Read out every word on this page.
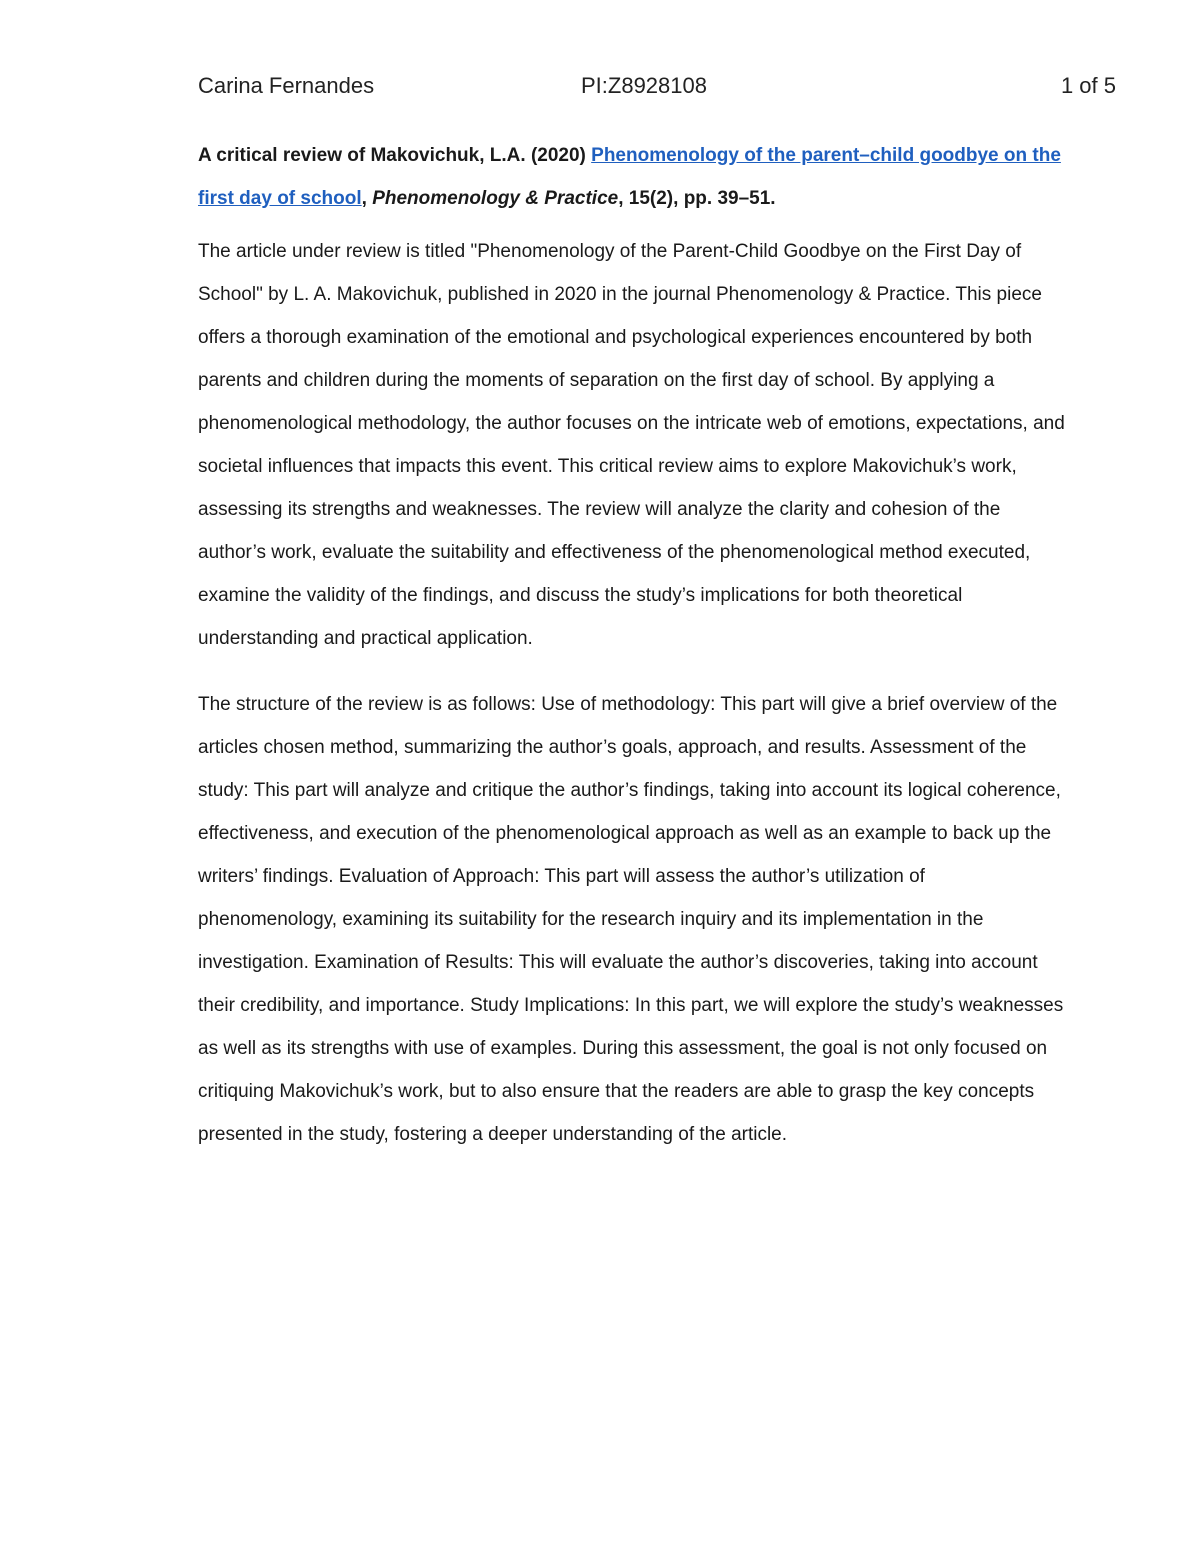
Carina Fernandes	PI:Z8928108	1 of 5

A critical review of Makovichuk, L.A. (2020) Phenomenology of the parent–child goodbye on the first day of school, Phenomenology & Practice, 15(2), pp. 39–51.

The article under review is titled "Phenomenology of the Parent-Child Goodbye on the First Day of School" by L. A. Makovichuk, published in 2020 in the journal Phenomenology & Practice. This piece offers a thorough examination of the emotional and psychological experiences encountered by both parents and children during the moments of separation on the first day of school. By applying a phenomenological methodology, the author focuses on the intricate web of emotions, expectations, and societal influences that impacts this event. This critical review aims to explore Makovichuk’s work, assessing its strengths and weaknesses. The review will analyze the clarity and cohesion of the author’s work, evaluate the suitability and effectiveness of the phenomenological method executed, examine the validity of the findings, and discuss the study’s implications for both theoretical understanding and practical application.

The structure of the review is as follows: Use of methodology: This part will give a brief overview of the articles chosen method, summarizing the author’s goals, approach, and results. Assessment of the study: This part will analyze and critique the author’s findings, taking into account its logical coherence, effectiveness, and execution of the phenomenological approach as well as an example to back up the writers’ findings. Evaluation of Approach: This part will assess the author’s utilization of phenomenology, examining its suitability for the research inquiry and its implementation in the investigation. Examination of Results: This will evaluate the author’s discoveries, taking into account their credibility, and importance. Study Implications: In this part, we will explore the study’s weaknesses as well as its strengths with use of examples. During this assessment, the goal is not only focused on critiquing Makovichuk’s work, but to also ensure that the readers are able to grasp the key concepts presented in the study, fostering a deeper understanding of the article.
